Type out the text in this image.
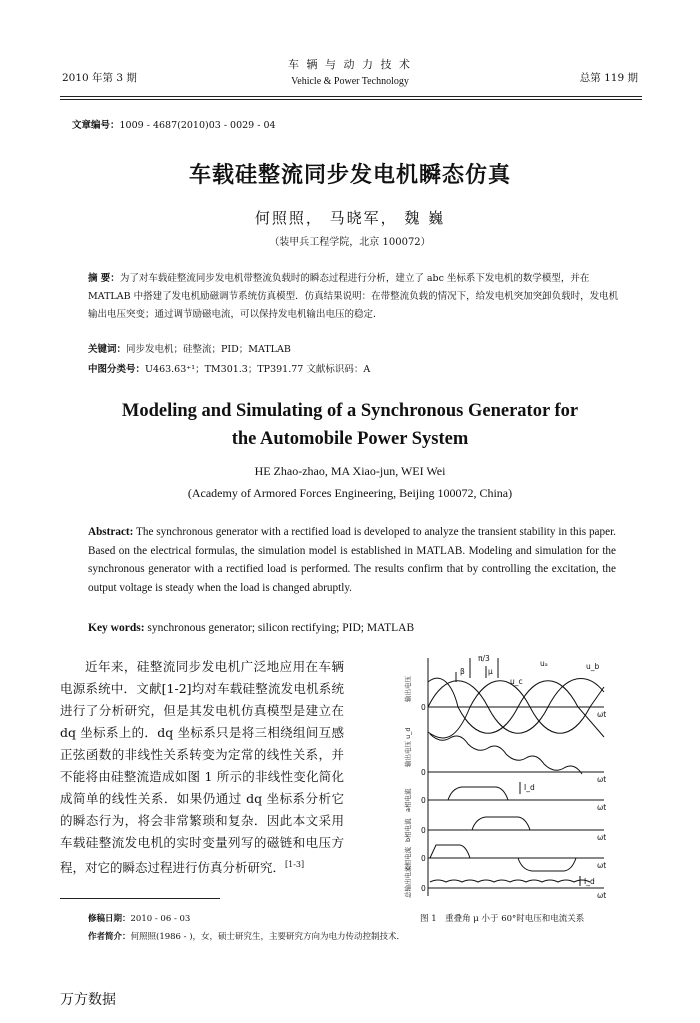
2010 年第 3 期
车 辆 与 动 力 技 术
Vehicle & Power Technology	总第 119 期
文章编号：1009 - 4687(2010)03 - 0029 - 04
车载硅整流同步发电机瞬态仿真
何照照， 马晓军， 魏 巍
（装甲兵工程学院，北京 100072）
摘 要：为了对车载硅整流同步发电机带整流负载时的瞬态过程进行分析，建立了 abc 坐标系下发电机的数学模型，并在 MATLAB 中搭建了发电机励磁调节系统仿真模型．仿真结果说明：在带整流负载的情况下，给发电机突加突卸负载时，发电机输出电压突变；通过调节励磁电流，可以保持发电机输出电压的稳定．
关键词：同步发电机；硅整流；PID；MATLAB
中图分类号：U463.63⁺¹；TM301.3；TP391.77 文献标识码：A
Modeling and Simulating of a Synchronous Generator for
the Automobile Power System
HE Zhao-zhao, MA Xiao-jun, WEI Wei
(Academy of Armored Forces Engineering, Beijing 100072, China)
Abstract: The synchronous generator with a rectified load is developed to analyze the transient stability in this paper. Based on the electrical formulas, the simulation model is established in MATLAB. Modeling and simulation for the synchronous generator with a rectified load is performed. The results confirm that by controlling the excitation, the output voltage is steady when the load is changed abruptly.
Key words: synchronous generator; silicon rectifying; PID; MATLAB
近年来，硅整流同步发电机广泛地应用在车辆电源系统中．文献[1-2]均对车载硅整流发电机系统进行了分析研究，但是其发电机仿真模型是建立在 dq 坐标系上的．dq 坐标系只是将三相绕组间互感正弦函数的非线性关系转变为定常的线性关系，并不能将由硅整流造成如图 1 所示的非线性变化简化成简单的线性关系．如果仍通过 dq 坐标系分析它的瞬态行为，将会非常繁琐和复杂．因此本文采用车载硅整流发电机的实时变量列写的磁链和电压方程，对它的瞬态过程进行仿真分析研究．[1-3]
π/3
β	μ
uₐ	u_b
u_c
ωt
ωt
ωt
ωt
ωt
ωt
0
0
0
0
0
0
I_d
I_d
输出电压
输出电压 u_d
a相电流
b相电流
c相电流
总输出电流
修稿日期：2010 - 06 - 03
作者简介：何照照(1986 - )，女，硕士研究生，主要研究方向为电力传动控制技术．
图 1　重叠角 μ 小于 60°时电压和电流关系
万方数据
